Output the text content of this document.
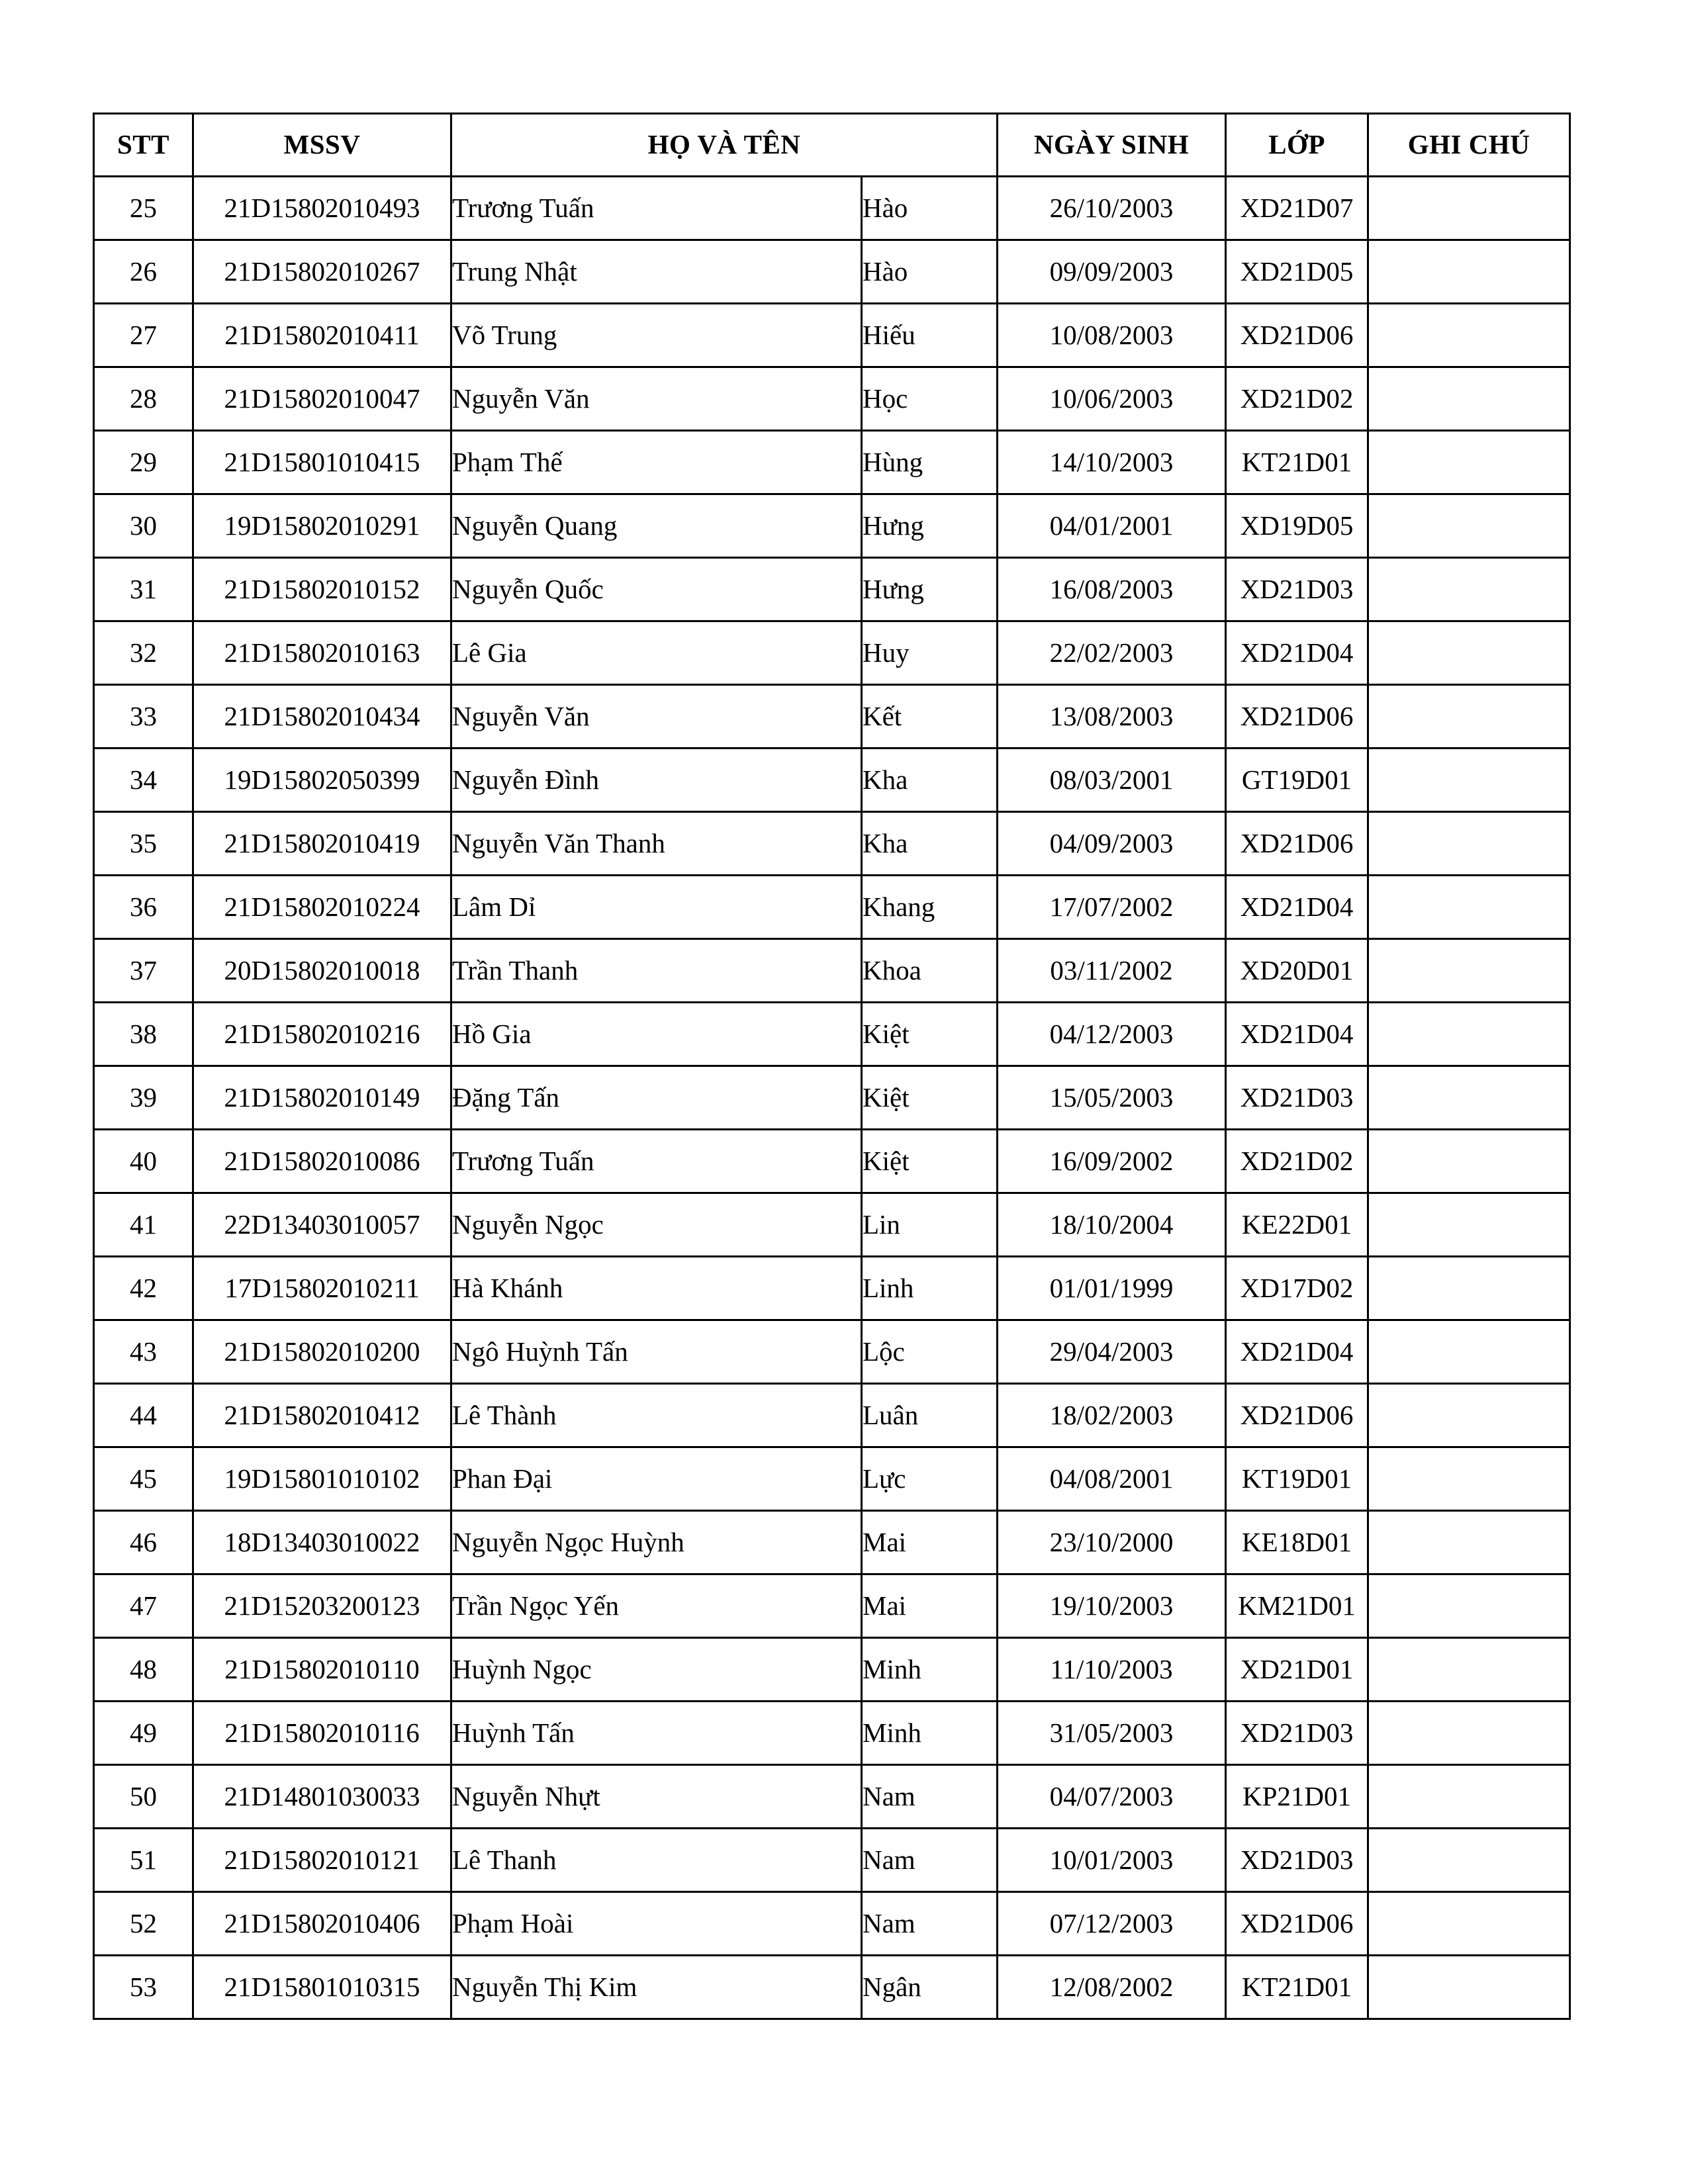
STT	MSSV	HỌ VÀ TÊN		NGÀY SINH	LỚP	GHI CHÚ
25	21D15802010493	Trương Tuấn	Hào	26/10/2003	XD21D07	
26	21D15802010267	Trung Nhật	Hào	09/09/2003	XD21D05	
27	21D15802010411	Võ Trung	Hiếu	10/08/2003	XD21D06	
28	21D15802010047	Nguyễn Văn	Học	10/06/2003	XD21D02	
29	21D15801010415	Phạm Thế	Hùng	14/10/2003	KT21D01	
30	19D15802010291	Nguyễn Quang	Hưng	04/01/2001	XD19D05	
31	21D15802010152	Nguyễn Quốc	Hưng	16/08/2003	XD21D03	
32	21D15802010163	Lê Gia	Huy	22/02/2003	XD21D04	
33	21D15802010434	Nguyễn Văn	Kết	13/08/2003	XD21D06	
34	19D15802050399	Nguyễn Đình	Kha	08/03/2001	GT19D01	
35	21D15802010419	Nguyễn Văn Thanh	Kha	04/09/2003	XD21D06	
36	21D15802010224	Lâm Dỉ	Khang	17/07/2002	XD21D04	
37	20D15802010018	Trần Thanh	Khoa	03/11/2002	XD20D01	
38	21D15802010216	Hồ Gia	Kiệt	04/12/2003	XD21D04	
39	21D15802010149	Đặng Tấn	Kiệt	15/05/2003	XD21D03	
40	21D15802010086	Trương Tuấn	Kiệt	16/09/2002	XD21D02	
41	22D13403010057	Nguyễn Ngọc	Lin	18/10/2004	KE22D01	
42	17D15802010211	Hà Khánh	Linh	01/01/1999	XD17D02	
43	21D15802010200	Ngô Huỳnh Tấn	Lộc	29/04/2003	XD21D04	
44	21D15802010412	Lê Thành	Luân	18/02/2003	XD21D06	
45	19D15801010102	Phan Đại	Lực	04/08/2001	KT19D01	
46	18D13403010022	Nguyễn Ngọc Huỳnh	Mai	23/10/2000	KE18D01	
47	21D15203200123	Trần Ngọc Yến	Mai	19/10/2003	KM21D01	
48	21D15802010110	Huỳnh Ngọc	Minh	11/10/2003	XD21D01	
49	21D15802010116	Huỳnh Tấn	Minh	31/05/2003	XD21D03	
50	21D14801030033	Nguyễn Nhựt	Nam	04/07/2003	KP21D01	
51	21D15802010121	Lê Thanh	Nam	10/01/2003	XD21D03	
52	21D15802010406	Phạm Hoài	Nam	07/12/2003	XD21D06	
53	21D15801010315	Nguyễn Thị Kim	Ngân	12/08/2002	KT21D01	
